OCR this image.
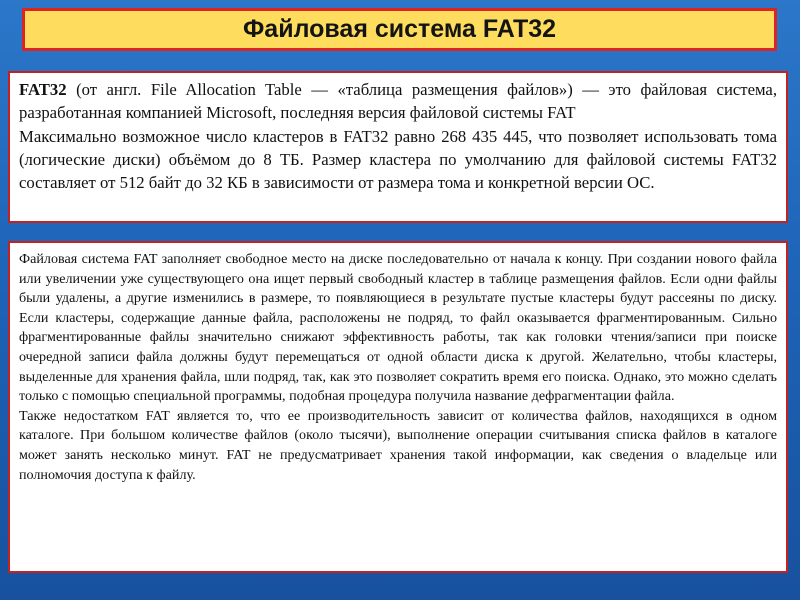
Файловая система FAT32

FAT32 (от англ. File Allocation Table — «таблица размещения файлов») — это файловая система, разработанная компанией Microsoft, последняя версия файловой системы FAT

Максимально возможное число кластеров в FAT32 равно 268 435 445, что позволяет использовать тома (логические диски) объёмом до 8 ТБ. Размер кластера по умолчанию для файловой системы FAT32 составляет от 512 байт до 32 КБ в зависимости от размера тома и конкретной версии ОС.

Файловая система FAT заполняет свободное место на диске последовательно от начала к концу. При создании нового файла или увеличении уже существующего она ищет первый свободный кластер в таблице размещения файлов. Если одни файлы были удалены, а другие изменились в размере, то появляющиеся в результате пустые кластеры будут рассеяны по диску. Если кластеры, содержащие данные файла, расположены не подряд, то файл оказывается фрагментированным. Сильно фрагментированные файлы значительно снижают эффективность работы, так как головки чтения/записи при поиске очередной записи файла должны будут перемещаться от одной области диска к другой. Желательно, чтобы кластеры, выделенные для хранения файла, шли подряд, так, как это позволяет сократить время его поиска. Однако, это можно сделать только с помощью специальной программы, подобная процедура получила название дефрагментации файла.

Также недостатком FAT является то, что ее производительность зависит от количества файлов, находящихся в одном каталоге. При большом количестве файлов (около тысячи), выполнение операции считывания списка файлов в каталоге может занять несколько минут. FAT не предусматривает хранения такой информации, как сведения о владельце или полномочия доступа к файлу.
